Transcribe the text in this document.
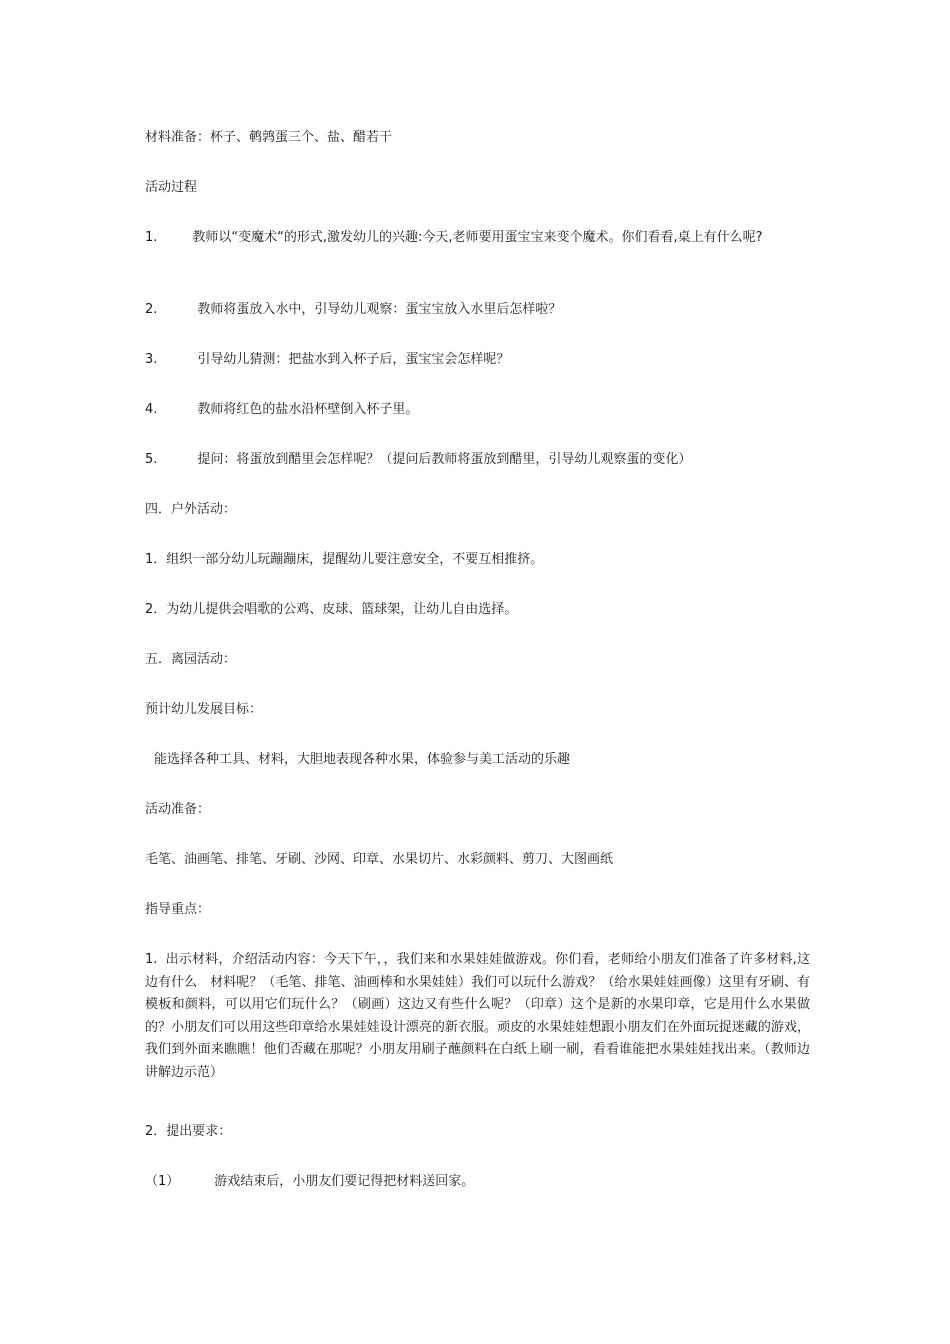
材料准备：杯子、鹌鹑蛋三个、盐、醋若干
活动过程
1.	教师以“变魔术“的形式,激发幼儿的兴趣:今天,老师要用蛋宝宝来变个魔术。你们看看,桌上有什么呢?
2.	教师将蛋放入水中，引导幼儿观察：蛋宝宝放入水里后怎样啦？
3.	引导幼儿猜测：把盐水到入杯子后，蛋宝宝会怎样呢？
4.	教师将红色的盐水沿杯壁倒入杯子里。
5.	提问：将蛋放到醋里会怎样呢？（提问后教师将蛋放到醋里，引导幼儿观察蛋的变化）
四．户外活动：
1．组织一部分幼儿玩蹦蹦床，提醒幼儿要注意安全，不要互相推挤。
2．为幼儿提供会唱歌的公鸡、皮球、篮球架，让幼儿自由选择。
五．离园活动：
预计幼儿发展目标：
能选择各种工具、材料，大胆地表现各种水果，体验参与美工活动的乐趣
活动准备：
毛笔、油画笔、排笔、牙刷、沙网、印章、水果切片、水彩颜料、剪刀、大图画纸
指导重点：
1. 出示材料，介绍活动内容：今天下午，，我们来和水果娃娃做游戏。你们看，老师给小朋友们准备了许多材料,这边有什么　材料呢？（毛笔、排笔、油画棒和水果娃娃）我们可以玩什么游戏？（给水果娃娃画像）这里有牙刷、有模板和颜料，可以用它们玩什么？（刷画）这边又有些什么呢？（印章）这个是新的水果印章，它是用什么水果做的？小朋友们可以用这些印章给水果娃娃设计漂亮的新衣服。顽皮的水果娃娃想跟小朋友们在外面玩捉迷藏的游戏，我们到外面来瞧瞧！他们否藏在那呢？小朋友用刷子蘸颜料在白纸上刷一刷，看看谁能把水果娃娃找出来。（教师边讲解边示范）
2．提出要求：
（1）	游戏结束后，小朋友们要记得把材料送回家。
